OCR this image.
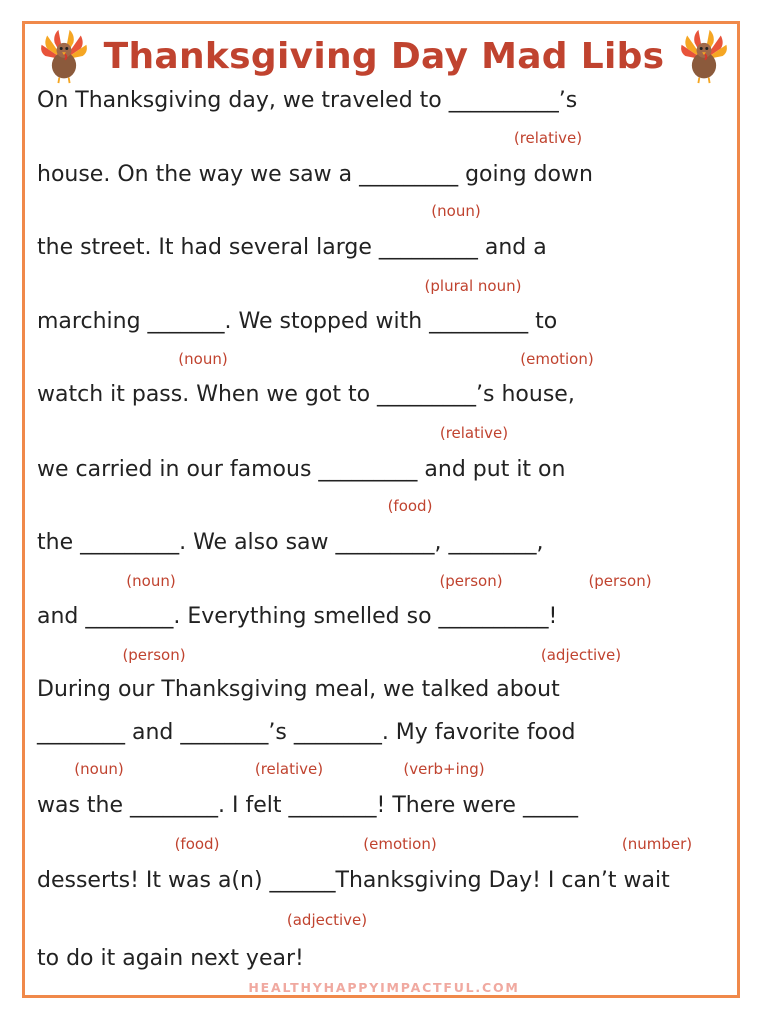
Thanksgiving Day Mad Libs
On Thanksgiving day, we traveled to __________’s
house. On the way we saw a _________ going down
the street. It had several large _________ and a
marching _______. We stopped with _________ to
watch it pass. When we got to _________’s house,
we carried in our famous _________ and put it on
the _________. We also saw _________, ________,
and ________. Everything smelled so __________!
During our Thanksgiving meal, we talked about
________ and ________’s ________. My favorite food
was the ________. I felt ________! There were _____
desserts! It was a(n) ______Thanksgiving Day! I can’t wait
to do it again next year!
(relative)
(noun)
(plural noun)
(noun)	(emotion)
(relative)
(food)
(noun)	(person)	(person)
(person)	(adjective)
(noun)	(relative)	(verb+ing)
(food)	(emotion)	(number)
(adjective)
HEALTHYHAPPYIMPACTFUL.COM
